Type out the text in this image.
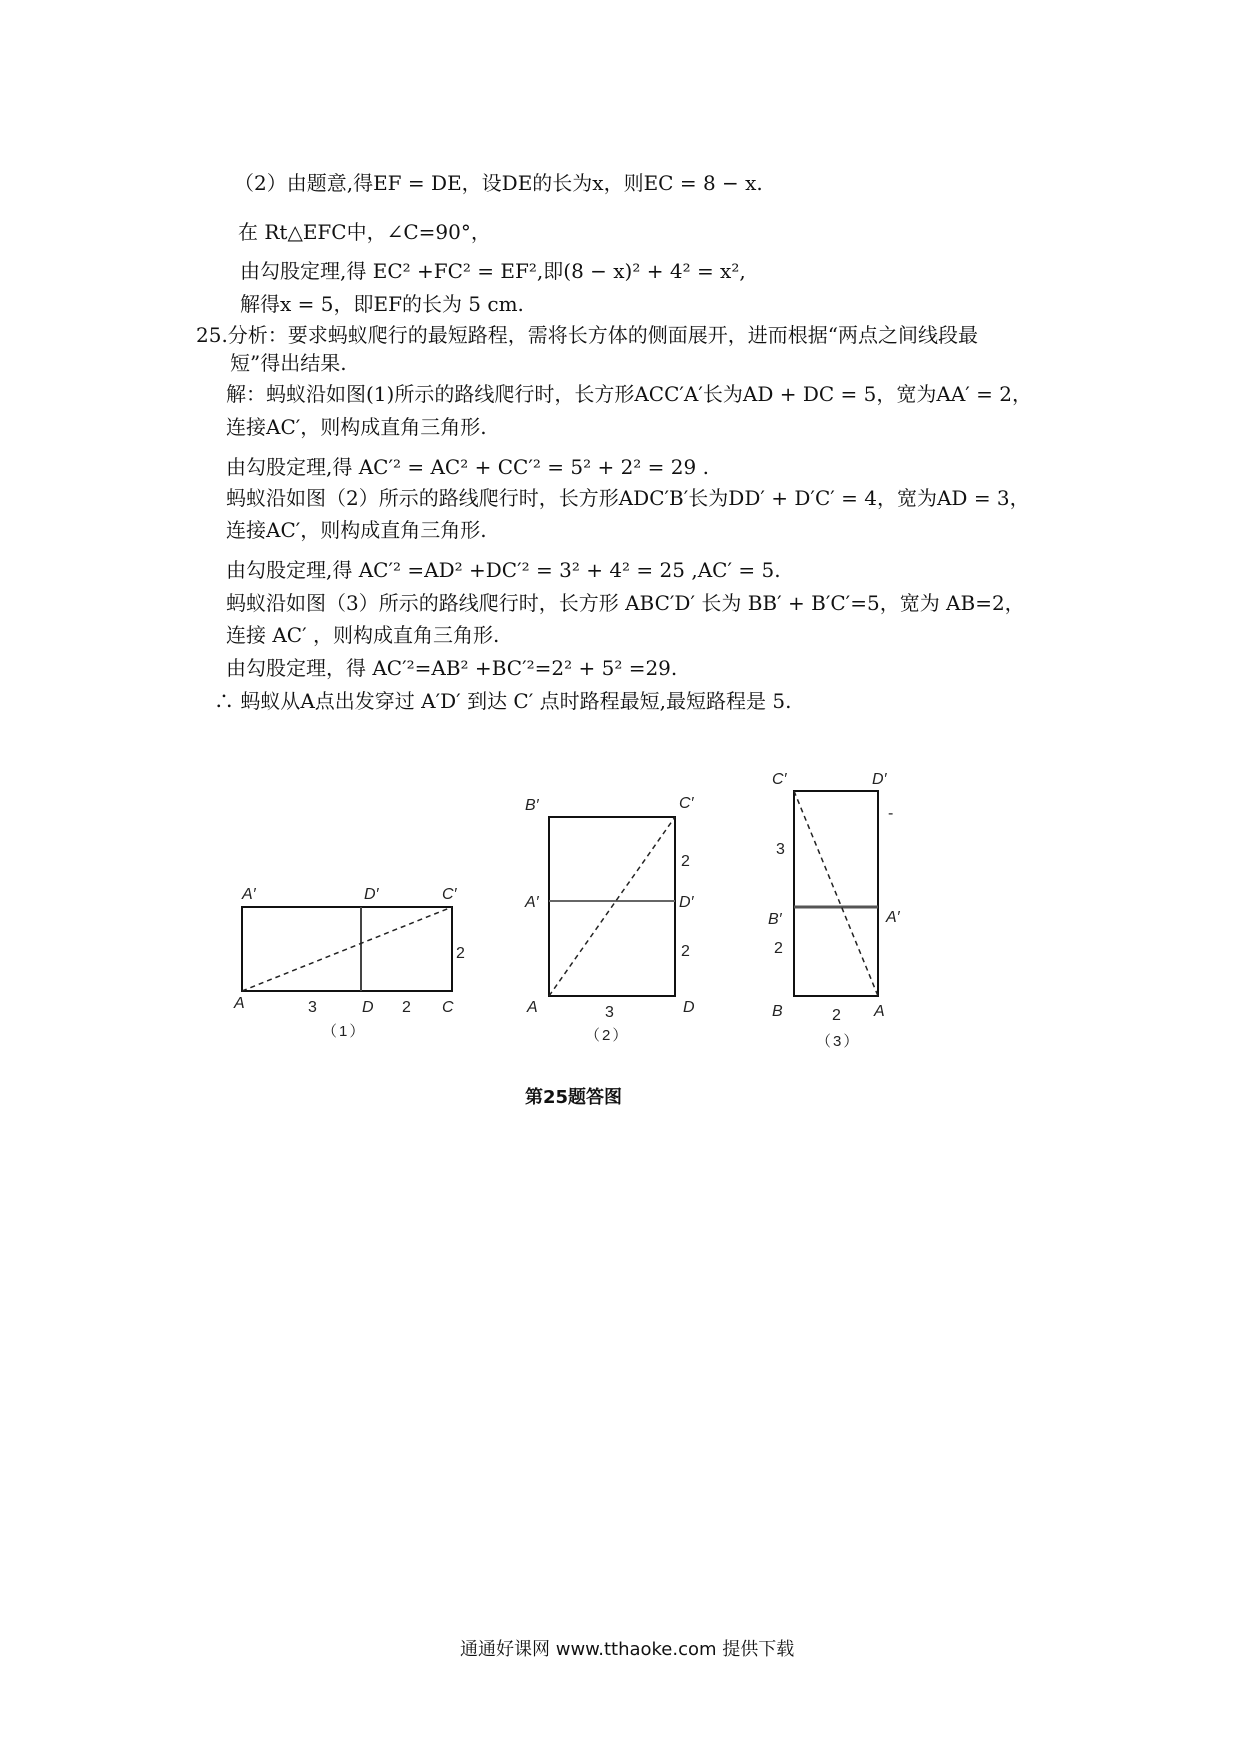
（2）由题意,得EF = DE，设DE的长为x，则EC = 8 − x.
在 Rt△EFC中，∠C=90°，
由勾股定理,得 EC² +FC² = EF²,即(8 − x)² + 4² = x²,
解得x = 5，即EF的长为 5 cm.
25.分析：要求蚂蚁爬行的最短路程，需将长方体的侧面展开，进而根据“两点之间线段最
短”得出结果.
解：蚂蚁沿如图(1)所示的路线爬行时，长方形ACC′A′长为AD + DC = 5，宽为AA′ = 2，
连接AC′，则构成直角三角形.
由勾股定理,得 AC′² = AC² + CC′² = 5² + 2² = 29 .
蚂蚁沿如图（2）所示的路线爬行时，长方形ADC′B′长为DD′ + D′C′ = 4，宽为AD = 3，
连接AC′，则构成直角三角形.
由勾股定理,得 AC′² =AD² +DC′² = 3² + 4² = 25 ,AC′ = 5.
蚂蚁沿如图（3）所示的路线爬行时，长方形 ABC′D′ 长为 BB′ + B′C′=5，宽为 AB=2，
连接 AC′ ，则构成直角三角形.
由勾股定理，得 AC′²=AB² +BC′²=2² + 5² =29.
∴ 蚂蚁从A点出发穿过 A′D′ 到达 C′ 点时路程最短,最短路程是 5.
A′	D′	C′
A	D	C
3	2
2
（1）
B′	C′
A′	D′
A	D
2
2
3
（2）
C′	D′
B′	A′
B	A
3
2
2
-
（3）
第25题答图
通通好课网 www.tthaoke.com 提供下载
